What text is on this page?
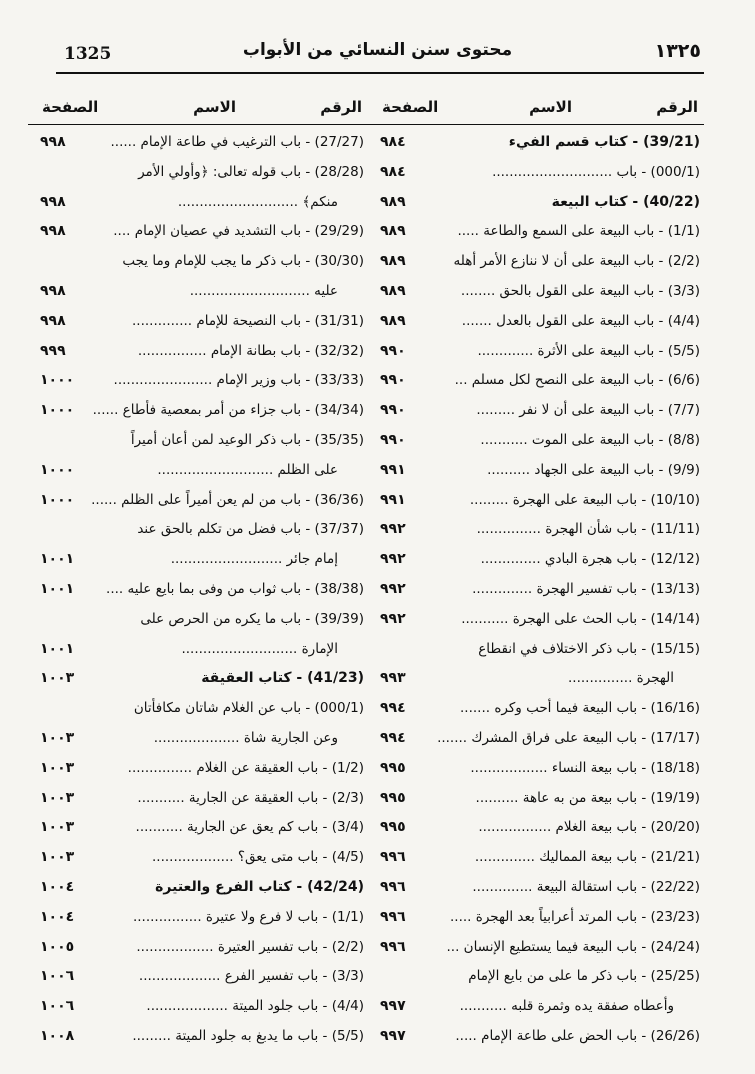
1325	محتوى سنن النسائي من الأبواب	١٣٢٥
الرقم
الاسم
الصفحة
(39/21) - كتاب قسم الفيء
٩٨٤
(000/1) - باب ............................
٩٨٤
(40/22) - كتاب البيعة
٩٨٩
(1/1) - باب البيعة على السمع والطاعة .....
٩٨٩
(2/2) - باب البيعة على أن لا ننازع الأمر أهله
٩٨٩
(3/3) - باب البيعة على القول بالحق ........
٩٨٩
(4/4) - باب البيعة على القول بالعدل .......
٩٨٩
(5/5) - باب البيعة على الأثرة .............
٩٩٠
(6/6) - باب البيعة على النصح لكل مسلم ...
٩٩٠
(7/7) - باب البيعة على أن لا نفر .........
٩٩٠
(8/8) - باب البيعة على الموت ...........
٩٩٠
(9/9) - باب البيعة على الجهاد ..........
٩٩١
(10/10) - باب البيعة على الهجرة .........
٩٩١
(11/11) - باب شأن الهجرة ...............
٩٩٢
(12/12) - باب هجرة البادي ..............
٩٩٢
(13/13) - باب تفسير الهجرة ..............
٩٩٢
(14/14) - باب الحث على الهجرة ...........
٩٩٢
(15/15) - باب ذكر الاختلاف في انقطاع
الهجرة ...............
٩٩٣
(16/16) - باب البيعة فيما أحب وكره .......
٩٩٤
(17/17) - باب البيعة على فراق المشرك .......
٩٩٤
(18/18) - باب بيعة النساء ..................
٩٩٥
(19/19) - باب بيعة من به عاهة ..........
٩٩٥
(20/20) - باب بيعة الغلام .................
٩٩٥
(21/21) - باب بيعة المماليك ..............
٩٩٦
(22/22) - باب استقالة البيعة ..............
٩٩٦
(23/23) - باب المرتد أعرابياً بعد الهجرة .....
٩٩٦
(24/24) - باب البيعة فيما يستطيع الإنسان ...
٩٩٦
(25/25) - باب ذكر ما على من بايع الإمام
وأعطاه صفقة يده وثمرة قلبه ...........
٩٩٧
(26/26) - باب الحض على طاعة الإمام .....
٩٩٧
الرقم
الاسم
الصفحة
(27/27) - باب الترغيب في طاعة الإمام ......
٩٩٨
(28/28) - باب قوله تعالى: ﴿وأولي الأمر
منكم﴾ ............................
٩٩٨
(29/29) - باب التشديد في عصيان الإمام ....
٩٩٨
(30/30) - باب ذكر ما يجب للإمام وما يجب
عليه ............................
٩٩٨
(31/31) - باب النصيحة للإمام ..............
٩٩٨
(32/32) - باب بطانة الإمام ................
٩٩٩
(33/33) - باب وزير الإمام .......................
١٠٠٠
(34/34) - باب جزاء من أمر بمعصية فأطاع ......
١٠٠٠
(35/35) - باب ذكر الوعيد لمن أعان أميراً
على الظلم ...........................
١٠٠٠
(36/36) - باب من لم يعن أميراً على الظلم ......
١٠٠٠
(37/37) - باب فضل من تكلم بالحق عند
إمام جائر ..........................
١٠٠١
(38/38) - باب ثواب من وفى بما بايع عليه ....
١٠٠١
(39/39) - باب ما يكره من الحرص على
الإمارة ...........................
١٠٠١
(41/23) - كتاب العقيقة
١٠٠٣
(000/1) - باب عن الغلام شاتان مكافأتان
وعن الجارية شاة ....................
١٠٠٣
(1/2) - باب العقيقة عن الغلام ...............
١٠٠٣
(2/3) - باب العقيقة عن الجارية ...........
١٠٠٣
(3/4) - باب كم يعق عن الجارية ...........
١٠٠٣
(4/5) - باب متى يعق؟ ...................
١٠٠٣
(42/24) - كتاب الفرع والعتيرة
١٠٠٤
(1/1) - باب لا فرع ولا عتيرة ................
١٠٠٤
(2/2) - باب تفسير العتيرة ..................
١٠٠٥
(3/3) - باب تفسير الفرع ...................
١٠٠٦
(4/4) - باب جلود الميتة ...................
١٠٠٦
(5/5) - باب ما يدبغ به جلود الميتة .........
١٠٠٨
